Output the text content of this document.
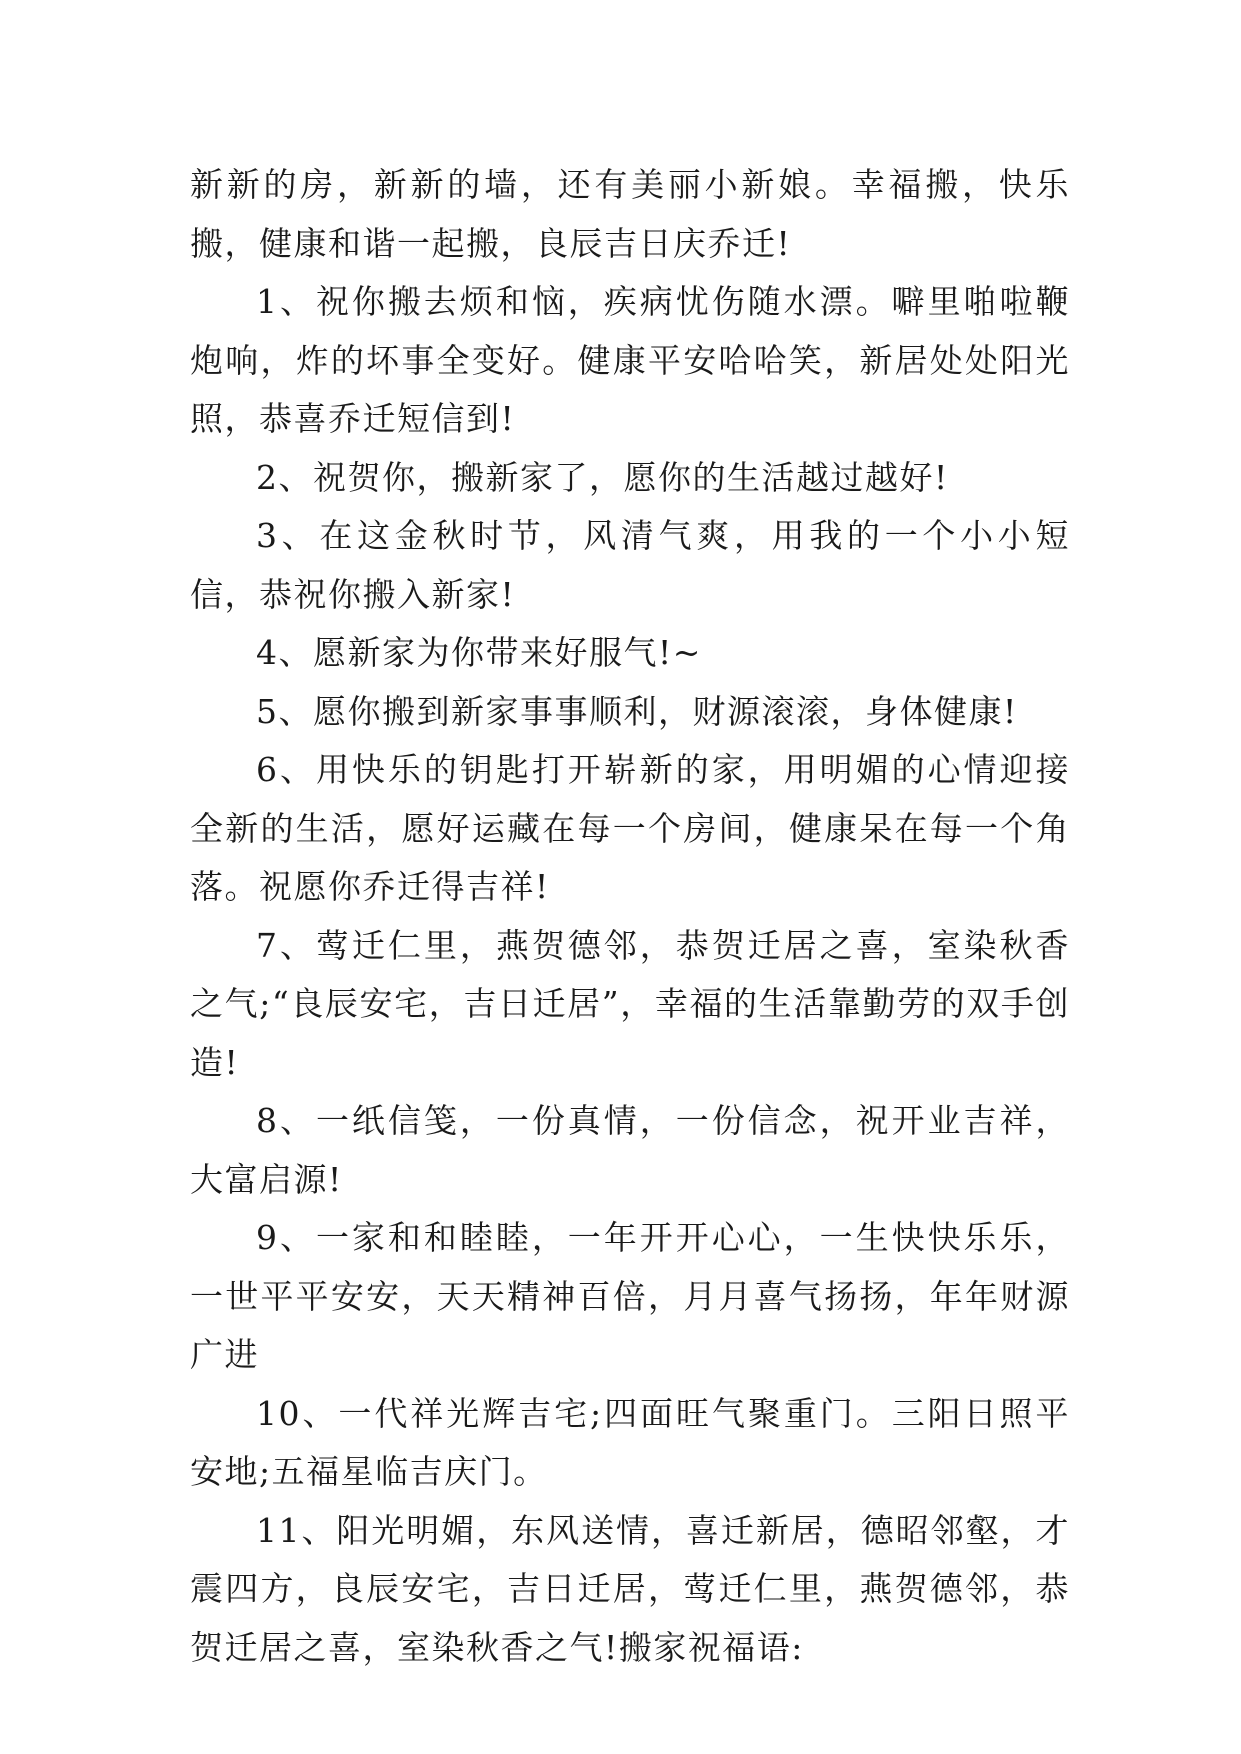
新新的房，新新的墙，还有美丽小新娘。幸福搬，快乐搬，健康和谐一起搬，良辰吉日庆乔迁!

1、祝你搬去烦和恼，疾病忧伤随水漂。噼里啪啦鞭炮响，炸的坏事全变好。健康平安哈哈笑，新居处处阳光照，恭喜乔迁短信到!

2、祝贺你，搬新家了，愿你的生活越过越好!

3、在这金秋时节，风清气爽，用我的一个小小短信，恭祝你搬入新家!

4、愿新家为你带来好服气!~

5、愿你搬到新家事事顺利，财源滚滚，身体健康!

6、用快乐的钥匙打开崭新的家，用明媚的心情迎接全新的生活，愿好运藏在每一个房间，健康呆在每一个角落。祝愿你乔迁得吉祥!

7、莺迁仁里，燕贺德邻，恭贺迁居之喜，室染秋香之气;“良辰安宅，吉日迁居”，幸福的生活靠勤劳的双手创造!

8、一纸信笺，一份真情，一份信念，祝开业吉祥，大富启源!

9、一家和和睦睦，一年开开心心，一生快快乐乐，一世平平安安，天天精神百倍，月月喜气扬扬，年年财源广进

10、一代祥光辉吉宅;四面旺气聚重门。三阳日照平安地;五福星临吉庆门。

11、阳光明媚，东风送情，喜迁新居，德昭邻壑，才震四方，良辰安宅，吉日迁居，莺迁仁里，燕贺德邻，恭贺迁居之喜，室染秋香之气!搬家祝福语:
